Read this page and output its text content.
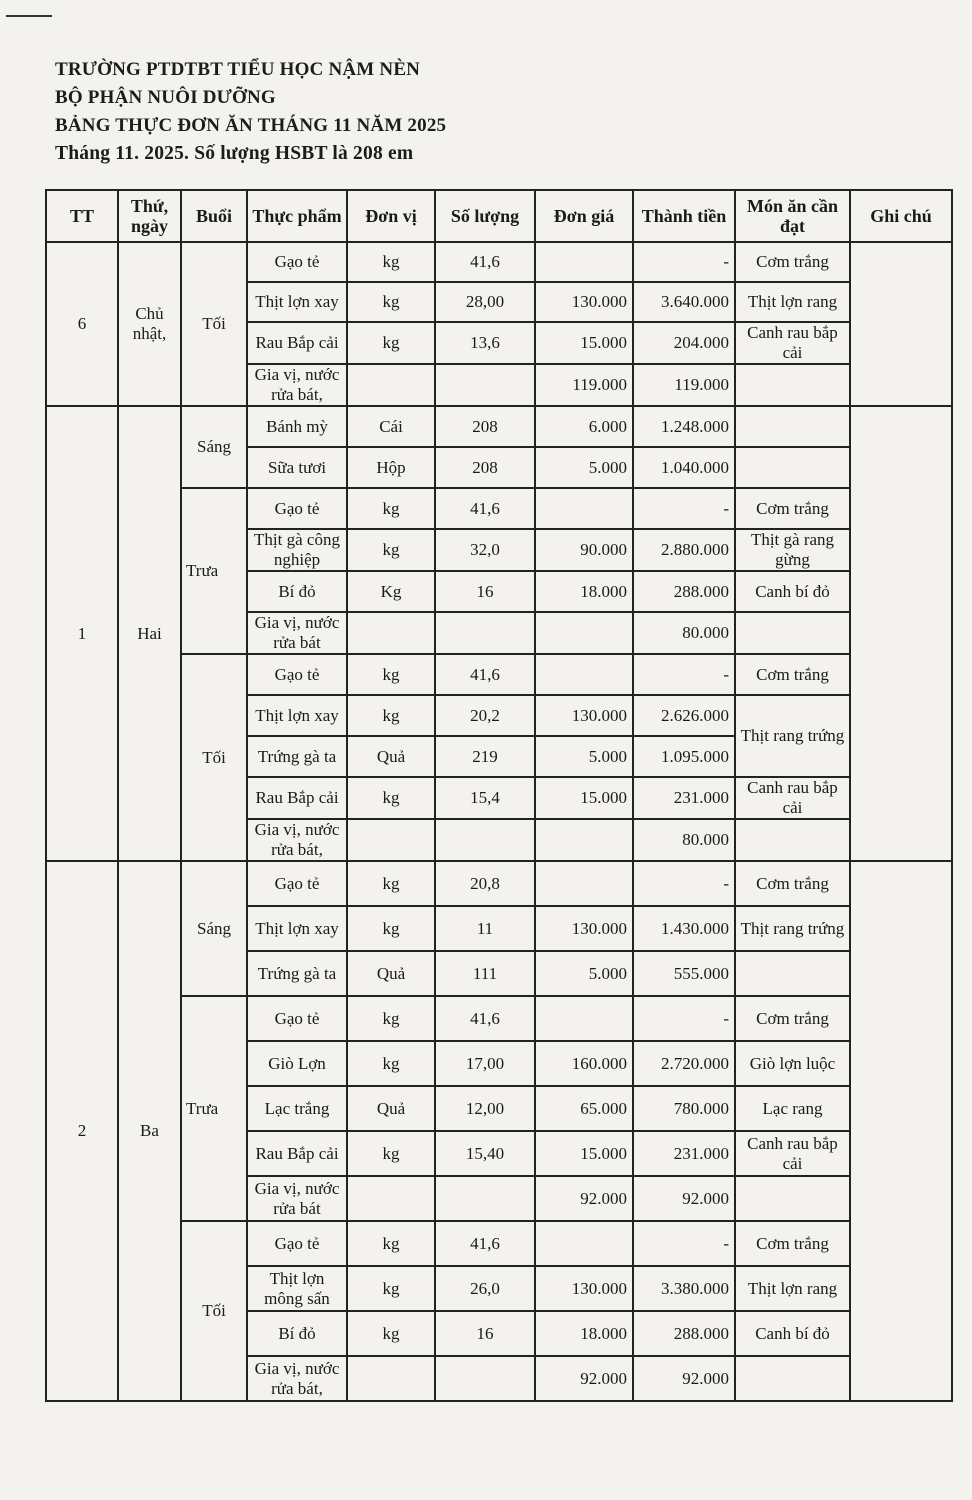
TRƯỜNG PTDTBT TIỂU HỌC NẬM NÈN
BỘ PHẬN NUÔI DƯỠNG
BẢNG THỰC ĐƠN ĂN THÁNG 11 NĂM 2025
Tháng 11. 2025. Số lượng HSBT là 208 em
TT	Thứ, ngày	Buổi	Thực phẩm	Đơn vị	Số lượng	Đơn giá	Thành tiền	Món ăn cần đạt	Ghi chú
6	Chủ nhật,	Tối	Gạo tẻ	kg	41,6		-	Cơm trắng	
			Thịt lợn xay	kg	28,00	130.000	3.640.000	Thịt lợn rang	
			Rau Bắp cải	kg	13,6	15.000	204.000	Canh rau bắp cải	
			Gia vị, nước rửa bát,			119.000	119.000		
1	Hai	Sáng	Bánh mỳ	Cái	208	6.000	1.248.000		
			Sữa tươi	Hộp	208	5.000	1.040.000		
		Trưa	Gạo tẻ	kg	41,6		-	Cơm trắng	
			Thịt gà công nghiệp	kg	32,0	90.000	2.880.000	Thịt gà rang gừng	
			Bí đỏ	Kg	16	18.000	288.000	Canh bí đỏ	
			Gia vị, nước rửa bát				80.000		
		Tối	Gạo tẻ	kg	41,6		-	Cơm trắng	
			Thịt lợn xay	kg	20,2	130.000	2.626.000	Thịt rang trứng	
			Trứng gà ta	Quả	219	5.000	1.095.000		
			Rau Bắp cải	kg	15,4	15.000	231.000	Canh rau bắp cải	
			Gia vị, nước rửa bát,				80.000		
2	Ba	Sáng	Gạo tẻ	kg	20,8		-	Cơm trắng	
			Thịt lợn xay	kg	11	130.000	1.430.000	Thịt rang trứng	
			Trứng gà ta	Quả	111	5.000	555.000		
		Trưa	Gạo tẻ	kg	41,6		-	Cơm trắng	
			Giò Lợn	kg	17,00	160.000	2.720.000	Giò lợn luộc	
			Lạc trắng	Quả	12,00	65.000	780.000	Lạc rang	
			Rau Bắp cải	kg	15,40	15.000	231.000	Canh rau bắp cải	
			Gia vị, nước rửa bát			92.000	92.000		
		Tối	Gạo tẻ	kg	41,6		-	Cơm trắng	
			Thịt lợn mông sấn	kg	26,0	130.000	3.380.000	Thịt lợn rang	
			Bí đỏ	kg	16	18.000	288.000	Canh bí đỏ	
			Gia vị, nước rửa bát,			92.000	92.000		
